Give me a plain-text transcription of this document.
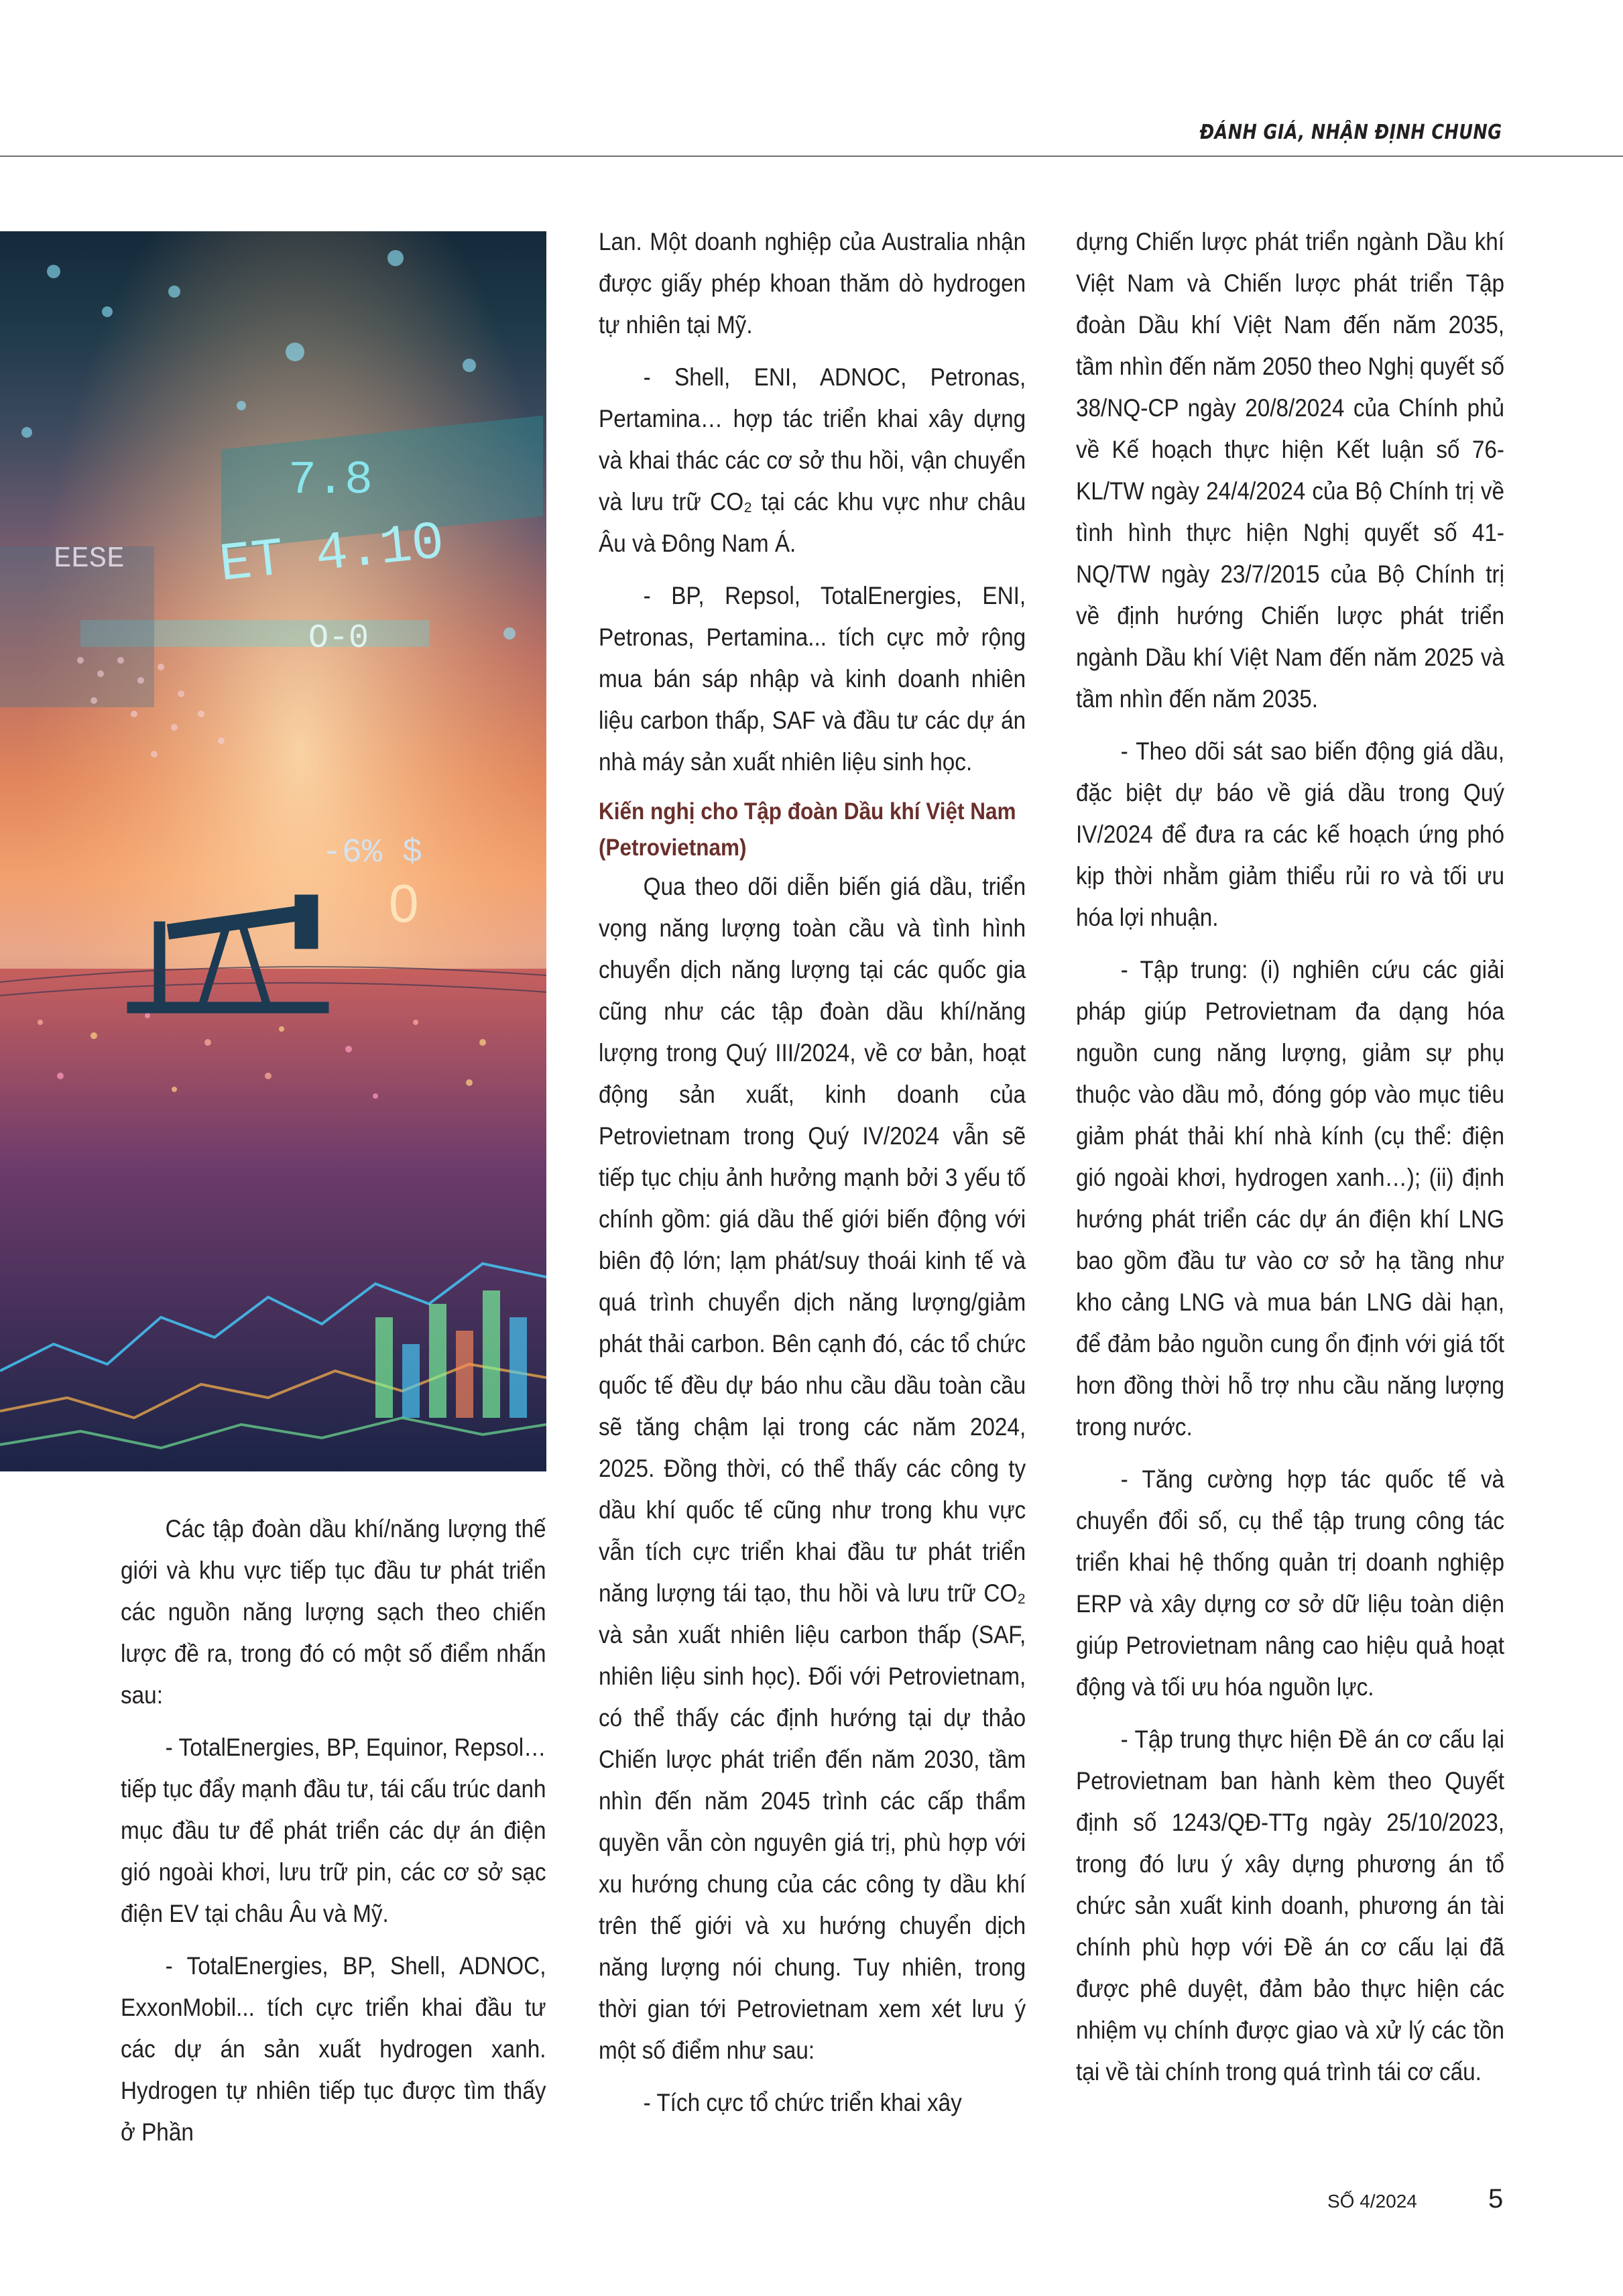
ĐÁNH GIÁ, NHẬN ĐỊNH CHUNG
7.8
ET 4.10
EESE
O-0
-6% $
0

Các tập đoàn dầu khí/năng lượng thế giới và khu vực tiếp tục đầu tư phát triển các nguồn năng lượng sạch theo chiến lược đề ra, trong đó có một số điểm nhấn sau:

- TotalEnergies, BP, Equinor, Repsol… tiếp tục đẩy mạnh đầu tư, tái cấu trúc danh mục đầu tư để phát triển các dự án điện gió ngoài khơi, lưu trữ pin, các cơ sở sạc điện EV tại châu Âu và Mỹ.

- TotalEnergies, BP, Shell, ADNOC, ExxonMobil... tích cực triển khai đầu tư các dự án sản xuất hydrogen xanh. Hydrogen tự nhiên tiếp tục được tìm thấy ở Phần

Lan. Một doanh nghiệp của Australia nhận được giấy phép khoan thăm dò hydrogen tự nhiên tại Mỹ.

- Shell, ENI, ADNOC, Petronas, Pertamina… hợp tác triển khai xây dựng và khai thác các cơ sở thu hồi, vận chuyển và lưu trữ CO₂ tại các khu vực như châu Âu và Đông Nam Á.

- BP, Repsol, TotalEnergies, ENI, Petronas, Pertamina... tích cực mở rộng mua bán sáp nhập và kinh doanh nhiên liệu carbon thấp, SAF và đầu tư các dự án nhà máy sản xuất nhiên liệu sinh học.

Kiến nghị cho Tập đoàn Dầu khí Việt Nam (Petrovietnam)

Qua theo dõi diễn biến giá dầu, triển vọng năng lượng toàn cầu và tình hình chuyển dịch năng lượng tại các quốc gia cũng như các tập đoàn dầu khí/năng lượng trong Quý III/2024, về cơ bản, hoạt động sản xuất, kinh doanh của Petrovietnam trong Quý IV/2024 vẫn sẽ tiếp tục chịu ảnh hưởng mạnh bởi 3 yếu tố chính gồm: giá dầu thế giới biến động với biên độ lớn; lạm phát/suy thoái kinh tế và quá trình chuyển dịch năng lượng/giảm phát thải carbon. Bên cạnh đó, các tổ chức quốc tế đều dự báo nhu cầu dầu toàn cầu sẽ tăng chậm lại trong các năm 2024, 2025. Đồng thời, có thể thấy các công ty dầu khí quốc tế cũng như trong khu vực vẫn tích cực triển khai đầu tư phát triển năng lượng tái tạo, thu hồi và lưu trữ CO₂ và sản xuất nhiên liệu carbon thấp (SAF, nhiên liệu sinh học). Đối với Petrovietnam, có thể thấy các định hướng tại dự thảo Chiến lược phát triển đến năm 2030, tầm nhìn đến năm 2045 trình các cấp thẩm quyền vẫn còn nguyên giá trị, phù hợp với xu hướng chung của các công ty dầu khí trên thế giới và xu hướng chuyển dịch năng lượng nói chung. Tuy nhiên, trong thời gian tới Petrovietnam xem xét lưu ý một số điểm như sau:

- Tích cực tổ chức triển khai xây

dựng Chiến lược phát triển ngành Dầu khí Việt Nam và Chiến lược phát triển Tập đoàn Dầu khí Việt Nam đến năm 2035, tầm nhìn đến năm 2050 theo Nghị quyết số 38/NQ-CP ngày 20/8/2024 của Chính phủ về Kế hoạch thực hiện Kết luận số 76-KL/TW ngày 24/4/2024 của Bộ Chính trị về tình hình thực hiện Nghị quyết số 41-NQ/TW ngày 23/7/2015 của Bộ Chính trị về định hướng Chiến lược phát triển ngành Dầu khí Việt Nam đến năm 2025 và tầm nhìn đến năm 2035.

- Theo dõi sát sao biến động giá dầu, đặc biệt dự báo về giá dầu trong Quý IV/2024 để đưa ra các kế hoạch ứng phó kịp thời nhằm giảm thiểu rủi ro và tối ưu hóa lợi nhuận.

- Tập trung: (i) nghiên cứu các giải pháp giúp Petrovietnam đa dạng hóa nguồn cung năng lượng, giảm sự phụ thuộc vào dầu mỏ, đóng góp vào mục tiêu giảm phát thải khí nhà kính (cụ thể: điện gió ngoài khơi, hydrogen xanh…); (ii) định hướng phát triển các dự án điện khí LNG bao gồm đầu tư vào cơ sở hạ tầng như kho cảng LNG và mua bán LNG dài hạn, để đảm bảo nguồn cung ổn định với giá tốt hơn đồng thời hỗ trợ nhu cầu năng lượng trong nước.

- Tăng cường hợp tác quốc tế và chuyển đổi số, cụ thể tập trung công tác triển khai hệ thống quản trị doanh nghiệp ERP và xây dựng cơ sở dữ liệu toàn diện giúp Petrovietnam nâng cao hiệu quả hoạt động và tối ưu hóa nguồn lực.

- Tập trung thực hiện Đề án cơ cấu lại Petrovietnam ban hành kèm theo Quyết định số 1243/QĐ-TTg ngày 25/10/2023, trong đó lưu ý xây dựng phương án tổ chức sản xuất kinh doanh, phương án tài chính phù hợp với Đề án cơ cấu lại đã được phê duyệt, đảm bảo thực hiện các nhiệm vụ chính được giao và xử lý các tồn tại về tài chính trong quá trình tái cơ cấu.

SỐ 4/2024	5
